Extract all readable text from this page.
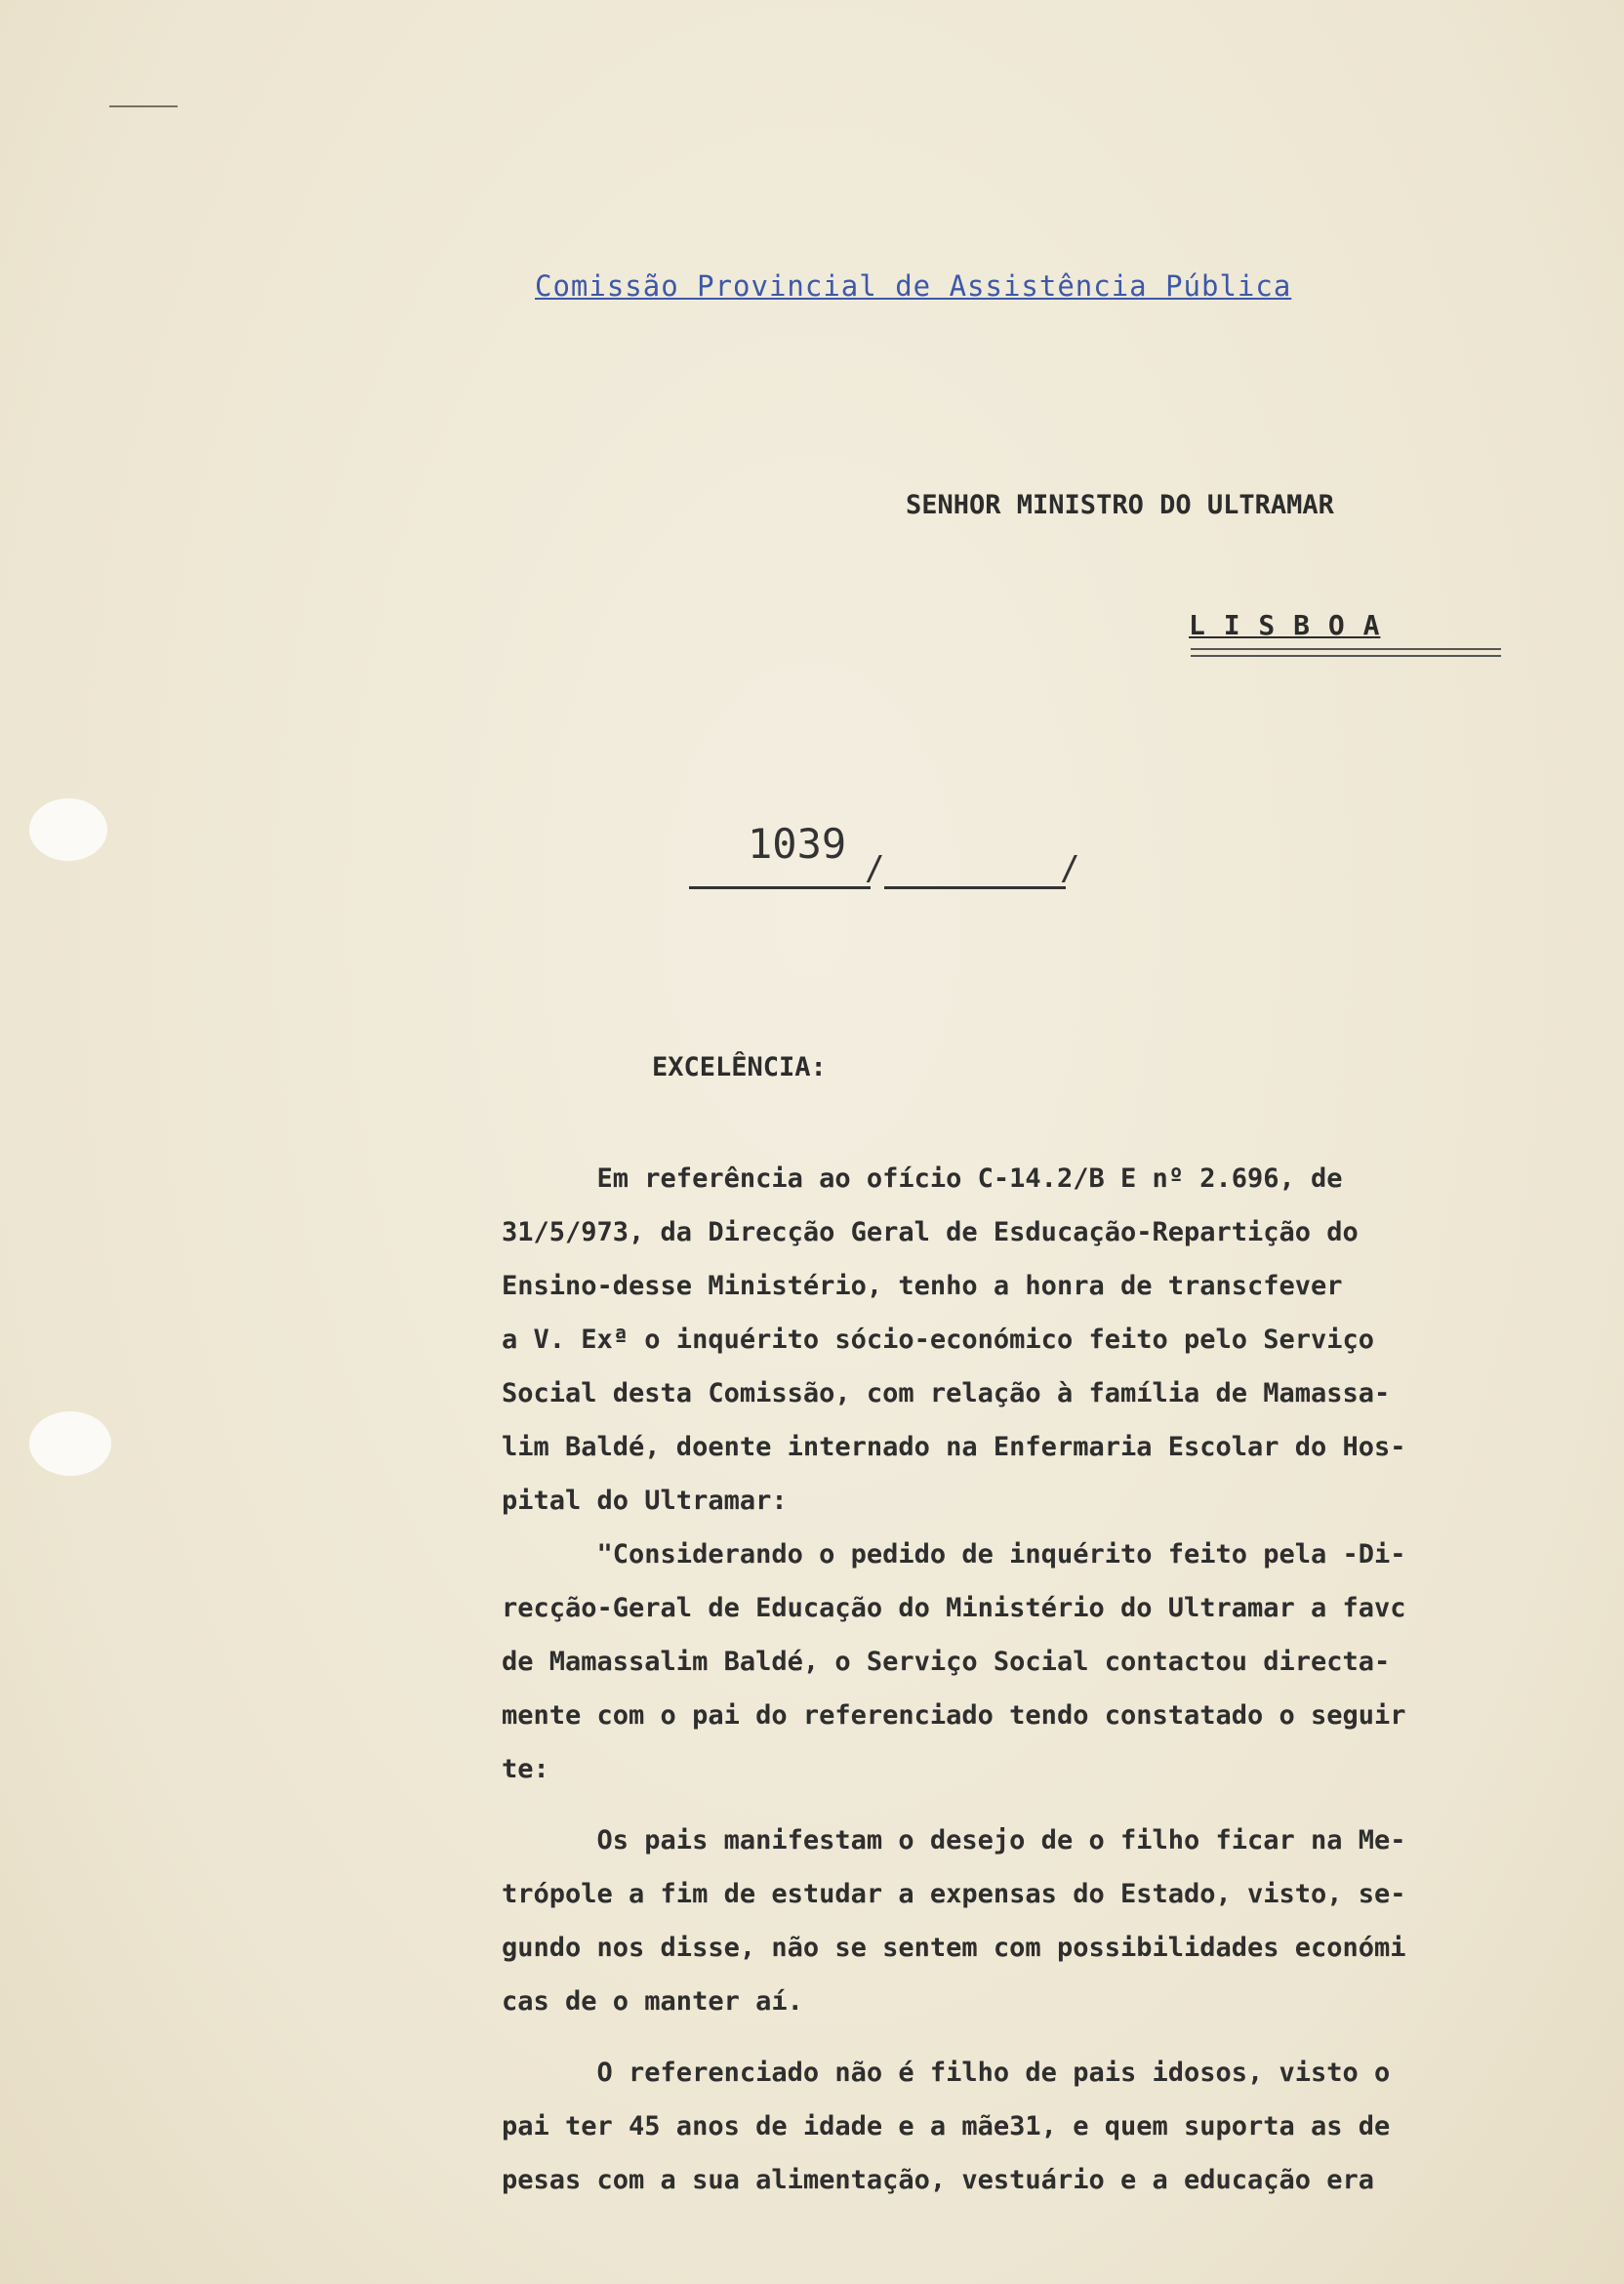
Comissão Provincial de Assistência Pública
SENHOR MINISTRO DO ULTRAMAR
L I S B O A
1039
/	/
EXCELÊNCIA:
Em referência ao ofício C-14.2/B E nº 2.696, de
31/5/973, da Direcção Geral de Esducação-Repartição do
Ensino-desse Ministério, tenho a honra de transcfever
a V. Exª o inquérito sócio-económico feito pelo Serviço
Social desta Comissão, com relação à família de Mamassa-
lim Baldé, doente internado na Enfermaria Escolar do Hos-
pital do Ultramar:
"Considerando o pedido de inquérito feito pela -Di-
recção-Geral de Educação do Ministério do Ultramar a favc
de Mamassalim Baldé, o Serviço Social contactou directa-
mente com o pai do referenciado tendo constatado o seguir
te:
Os pais manifestam o desejo de o filho ficar na Me-
trópole a fim de estudar a expensas do Estado, visto, se-
gundo nos disse, não se sentem com possibilidades económi
cas de o manter aí.
O referenciado não é filho de pais idosos, visto o
pai ter 45 anos de idade e a mãe31, e quem suporta as de
pesas com a sua alimentação, vestuário e a educação era
